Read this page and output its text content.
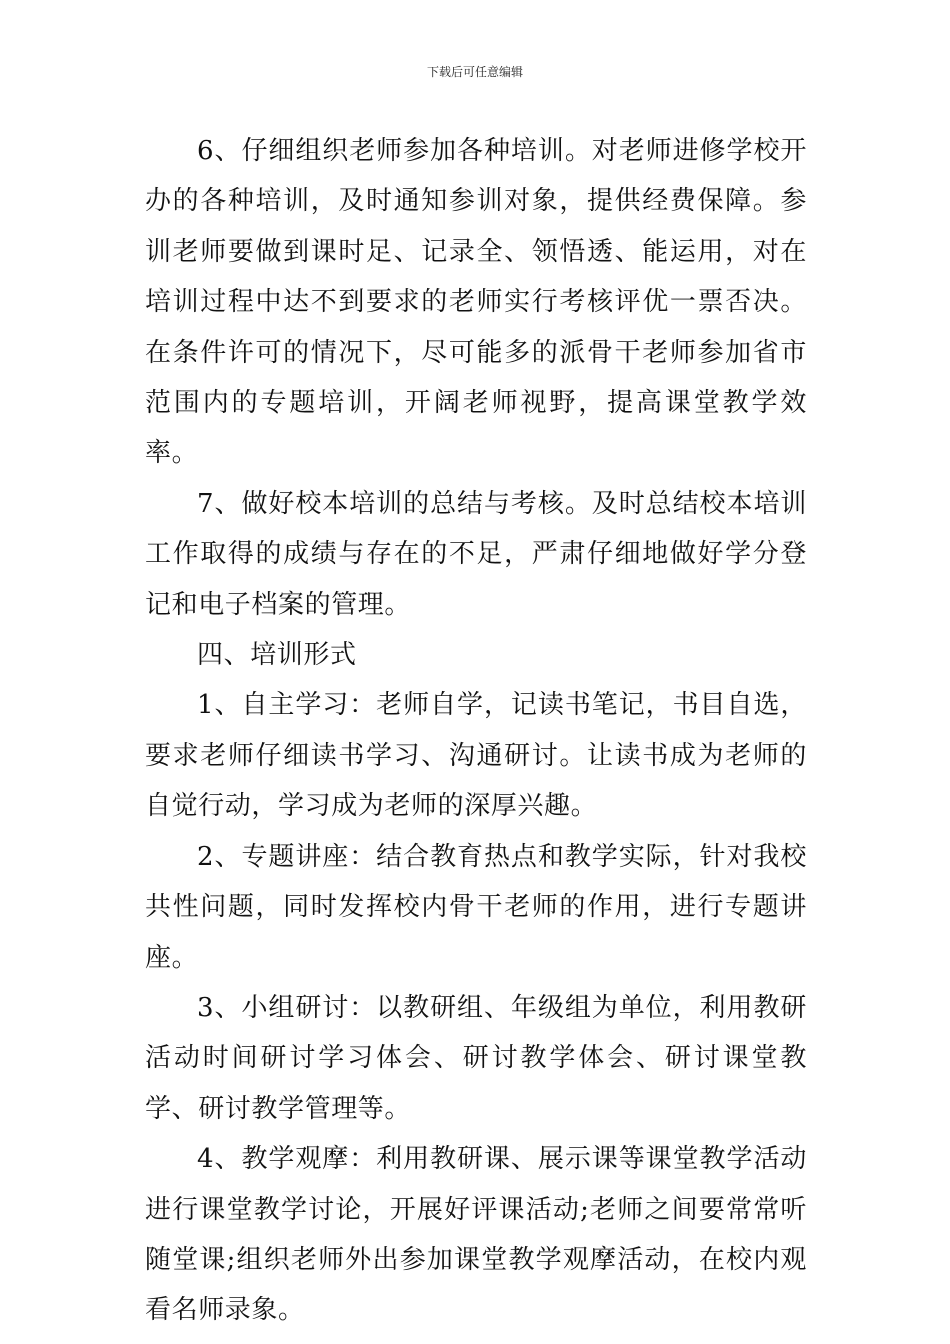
下载后可任意编辑

6、仔细组织老师参加各种培训。对老师进修学校开办的各种培训，及时通知参训对象，提供经费保障。参训老师要做到课时足、记录全、领悟透、能运用，对在培训过程中达不到要求的老师实行考核评优一票否决。在条件许可的情况下，尽可能多的派骨干老师参加省市范围内的专题培训，开阔老师视野，提高课堂教学效率。

7、做好校本培训的总结与考核。及时总结校本培训工作取得的成绩与存在的不足，严肃仔细地做好学分登记和电子档案的管理。

四、培训形式

1、自主学习：老师自学，记读书笔记，书目自选，要求老师仔细读书学习、沟通研讨。让读书成为老师的自觉行动，学习成为老师的深厚兴趣。

2、专题讲座：结合教育热点和教学实际，针对我校共性问题，同时发挥校内骨干老师的作用，进行专题讲座。

3、小组研讨：以教研组、年级组为单位，利用教研活动时间研讨学习体会、研讨教学体会、研讨课堂教学、研讨教学管理等。

4、教学观摩：利用教研课、展示课等课堂教学活动进行课堂教学讨论，开展好评课活动;老师之间要常常听随堂课;组织老师外出参加课堂教学观摩活动，在校内观看名师录象。
